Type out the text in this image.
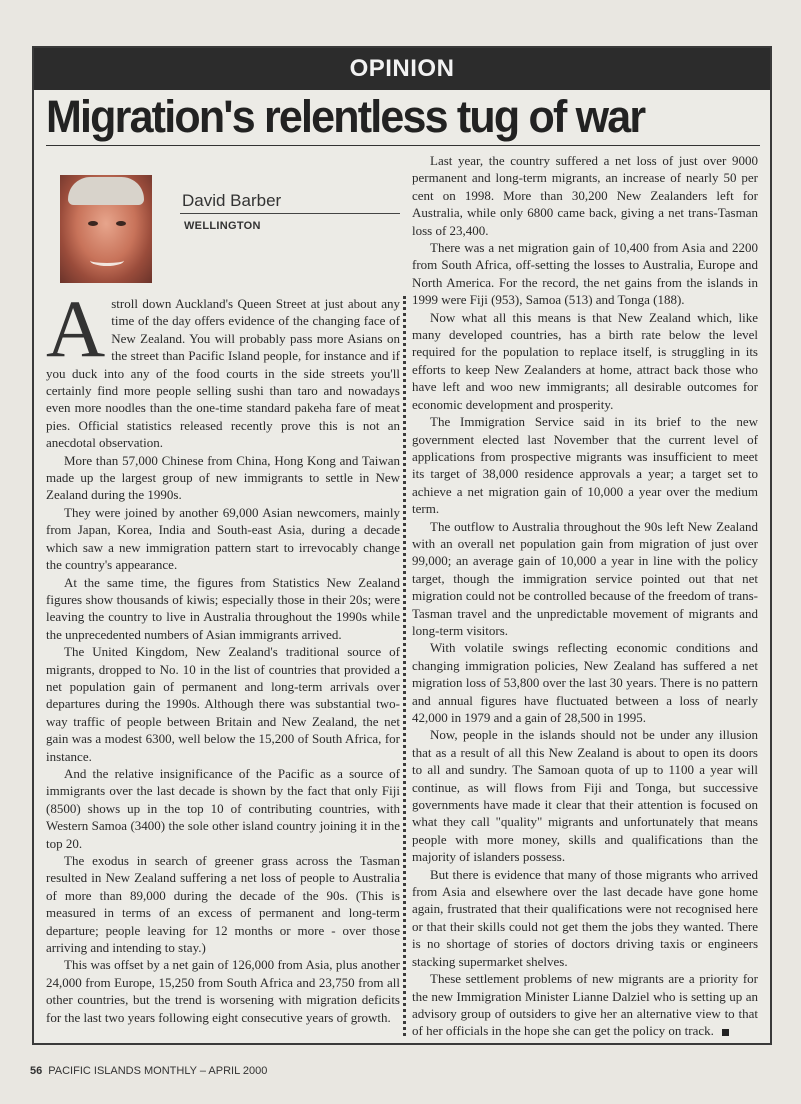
OPINION
Migration's relentless tug of war
David Barber
WELLINGTON

Astroll down Auckland's Queen Street at just about any time of the day offers evidence of the changing face of New Zealand. You will probably pass more Asians on the street than Pacific Island people, for instance and if you duck into any of the food courts in the side streets you'll certainly find more people selling sushi than taro and nowadays even more noodles than the one-time standard pakeha fare of meat pies. Official statistics released recently prove this is not an anecdotal observation.

More than 57,000 Chinese from China, Hong Kong and Taiwan made up the largest group of new immigrants to settle in New Zealand during the 1990s.

They were joined by another 69,000 Asian newcomers, mainly from Japan, Korea, India and South-east Asia, during a decade which saw a new immigration pattern start to irrevocably change the country's appearance.

At the same time, the figures from Statistics New Zealand figures show thousands of kiwis; especially those in their 20s; were leaving the country to live in Australia throughout the 1990s while the unprecedented numbers of Asian immigrants arrived.

The United Kingdom, New Zealand's traditional source of migrants, dropped to No. 10 in the list of countries that provided a net population gain of permanent and long-term arrivals over departures during the 1990s. Although there was substantial two-way traffic of people between Britain and New Zealand, the net gain was a modest 6300, well below the 15,200 of South Africa, for instance.

And the relative insignificance of the Pacific as a source of immigrants over the last decade is shown by the fact that only Fiji (8500) shows up in the top 10 of contributing countries, with Western Samoa (3400) the sole other island country joining it in the top 20.

The exodus in search of greener grass across the Tasman resulted in New Zealand suffering a net loss of people to Australia of more than 89,000 during the decade of the 90s. (This is measured in terms of an excess of permanent and long-term departure; people leaving for 12 months or more - over those arriving and intending to stay.)

This was offset by a net gain of 126,000 from Asia, plus another 24,000 from Europe, 15,250 from South Africa and 23,750 from all other countries, but the trend is worsening with migration deficits for the last two years following eight consecutive years of growth.

Last year, the country suffered a net loss of just over 9000 permanent and long-term migrants, an increase of nearly 50 per cent on 1998. More than 30,200 New Zealanders left for Australia, while only 6800 came back, giving a net trans-Tasman loss of 23,400.

There was a net migration gain of 10,400 from Asia and 2200 from South Africa, off-setting the losses to Australia, Europe and North America. For the record, the net gains from the islands in 1999 were Fiji (953), Samoa (513) and Tonga (188).

Now what all this means is that New Zealand which, like many developed countries, has a birth rate below the level required for the population to replace itself, is struggling in its efforts to keep New Zealanders at home, attract back those who have left and woo new immigrants; all desirable outcomes for economic development and prosperity.

The Immigration Service said in its brief to the new government elected last November that the current level of applications from prospective migrants was insufficient to meet its target of 38,000 residence approvals a year; a target set to achieve a net migration gain of 10,000 a year over the medium term.

The outflow to Australia throughout the 90s left New Zealand with an overall net population gain from migration of just over 99,000; an average gain of 10,000 a year in line with the policy target, though the immigration service pointed out that net migration could not be controlled because of the freedom of trans-Tasman travel and the unpredictable movement of migrants and long-term visitors.

With volatile swings reflecting economic conditions and changing immigration policies, New Zealand has suffered a net migration loss of 53,800 over the last 30 years. There is no pattern and annual figures have fluctuated between a loss of nearly 42,000 in 1979 and a gain of 28,500 in 1995.

Now, people in the islands should not be under any illusion that as a result of all this New Zealand is about to open its doors to all and sundry. The Samoan quota of up to 1100 a year will continue, as will flows from Fiji and Tonga, but successive governments have made it clear that their attention is focused on what they call "quality" migrants and unfortunately that means people with more money, skills and qualifications than the majority of islanders possess.

But there is evidence that many of those migrants who arrived from Asia and elsewhere over the last decade have gone home again, frustrated that their qualifications were not recognised here or that their skills could not get them the jobs they wanted. There is no shortage of stories of doctors driving taxis or engineers stacking supermarket shelves.

These settlement problems of new migrants are a priority for the new Immigration Minister Lianne Dalziel who is setting up an advisory group of outsiders to give her an alternative view to that of her officials in the hope she can get the policy on track.

56 PACIFIC ISLANDS MONTHLY – APRIL 2000
